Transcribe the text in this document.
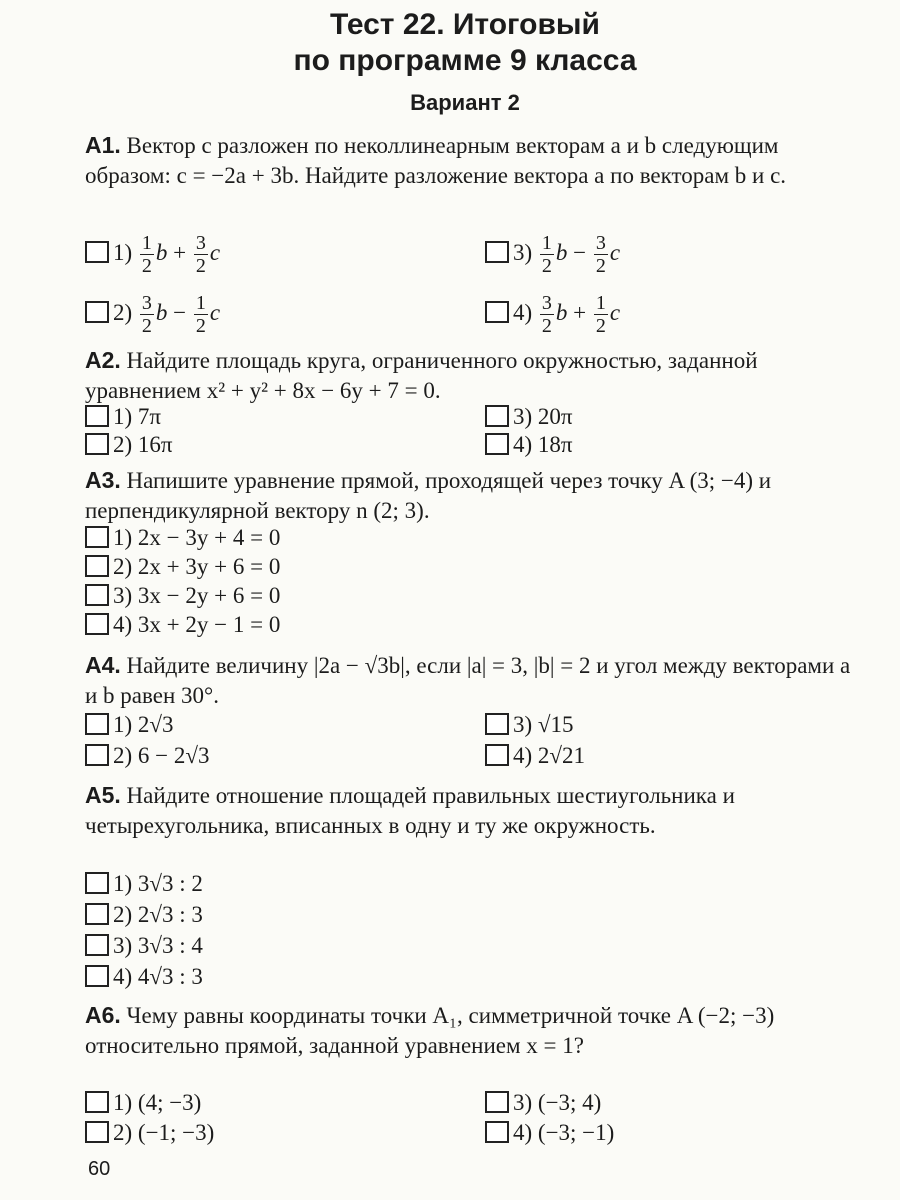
Тест 22. Итоговый
по программе 9 класса
Вариант 2
A1. Вектор c разложен по неколлинеарным векторам a и b следующим образом: c = −2a + 3b. Найдите разложение вектора a по векторам b и c.
$1) \frac{1}{2}$ $b + \frac{3}{2}$ c	$3) \frac{1}{2}$ $b - \frac{3}{2}$ c
$2) \frac{3}{2}$ $b - \frac{1}{2}$ c	$4) \frac{3}{2}$ $b + \frac{1}{2}$ c
A2. Найдите площадь круга, ограниченного окружностью, заданной уравнением x² + y² + 8x − 6y + 7 = 0.
1) 7π
2) 16π
3) 20π
4) 18π
A3. Напишите уравнение прямой, проходящей через точку A (3; −4) и перпендикулярной вектору n (2; 3).
1) 2x − 3y + 4 = 0
2) 2x + 3y + 6 = 0
3) 3x − 2y + 6 = 0
4) 3x + 2y − 1 = 0
A4. Найдите величину |2a − √3b|, если |a| = 3, |b| = 2 и угол между векторами a и b равен 30°.
1) 2√3
2) 6 − 2√3
3) √15
4) 2√21
A5. Найдите отношение площадей правильных шестиугольника и четырехугольника, вписанных в одну и ту же окружность.
1) 3√3 : 2
2) 2√3 : 3
3) 3√3 : 4
4) 4√3 : 3
A6. Чему равны координаты точки A₁, симметричной точке A (−2; −3) относительно прямой, заданной уравнением x = 1?
1) (4; −3)
2) (−1; −3)
3) (−3; 4)
4) (−3; −1)
60
